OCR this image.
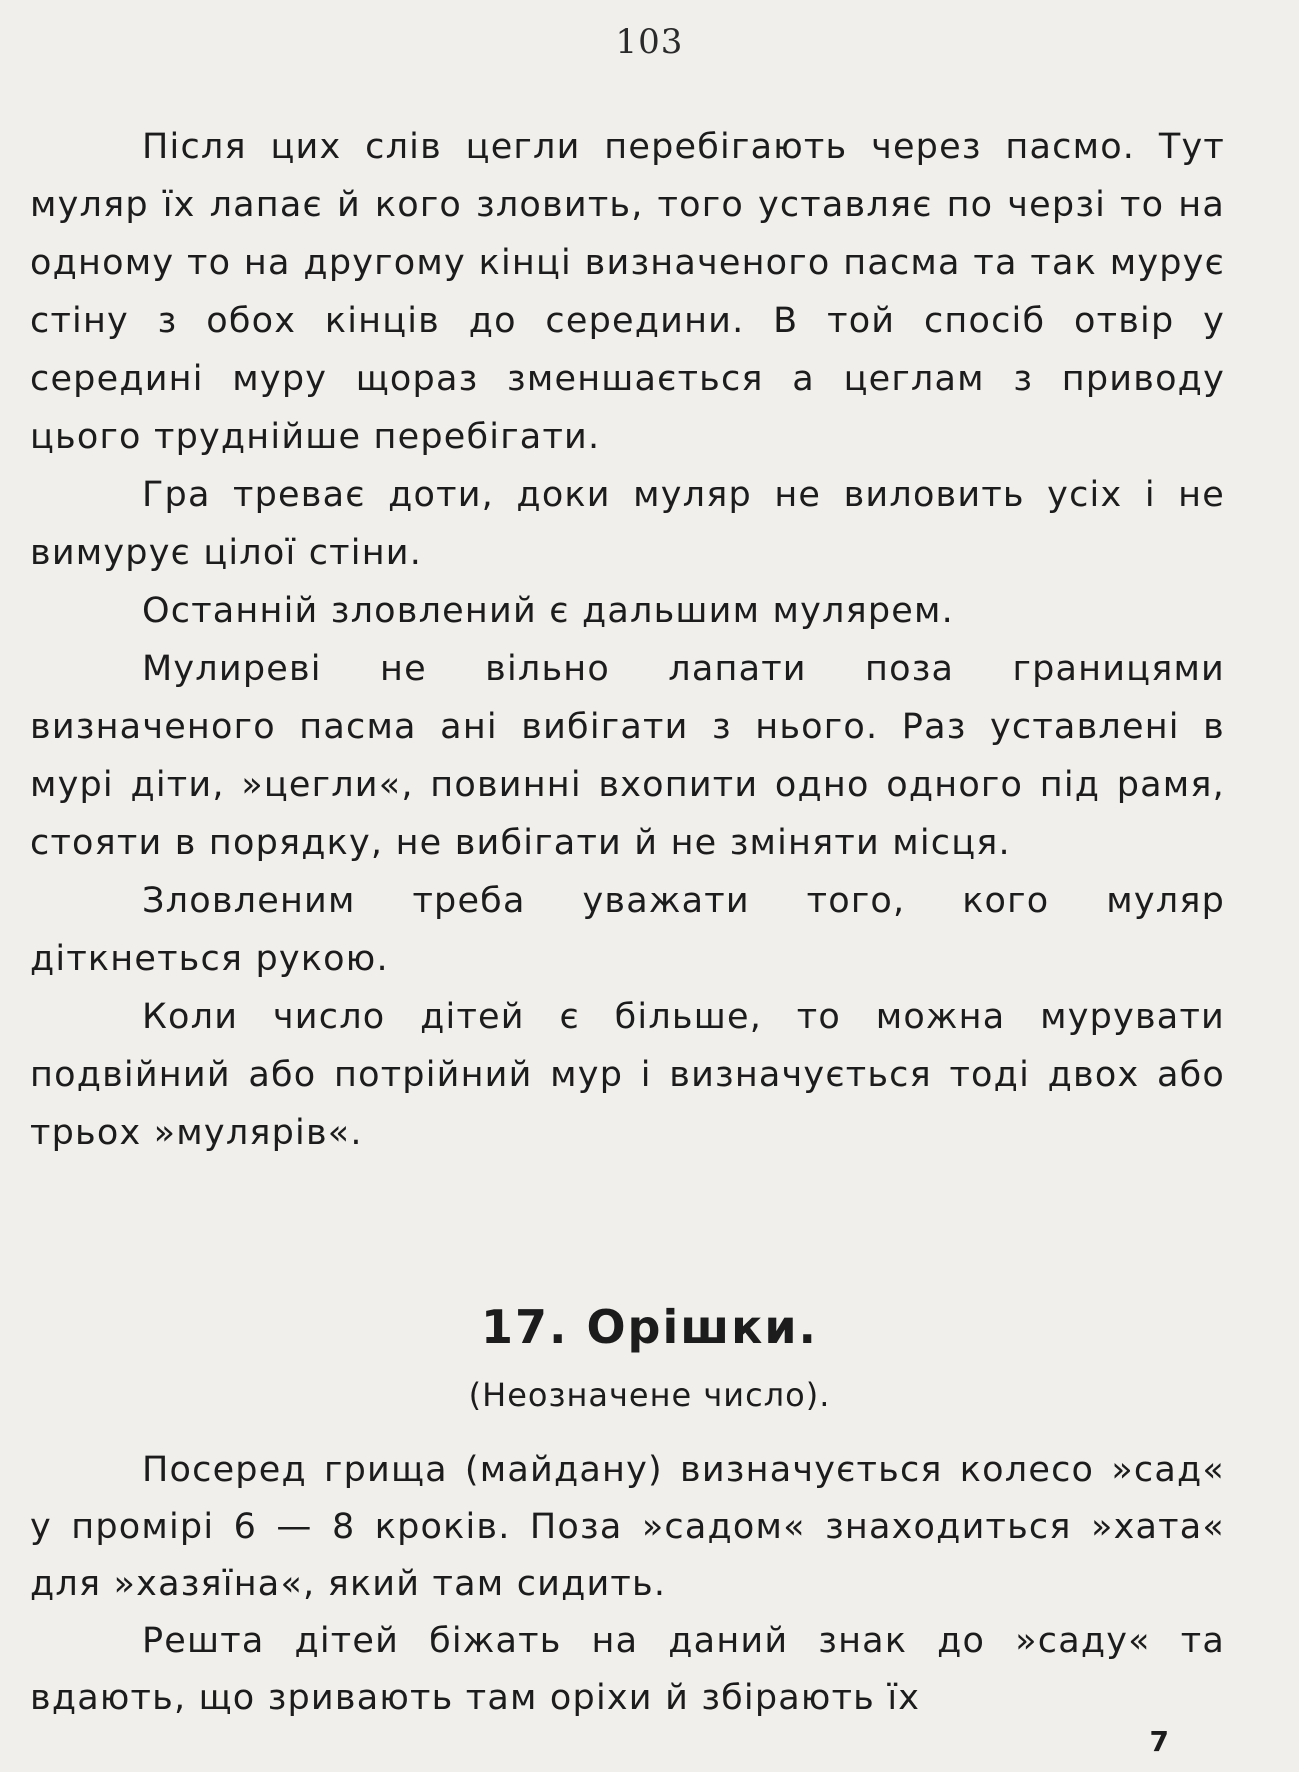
103

Після цих слів цегли перебігають через пасмо. Тут муляр їх лапає й кого зловить, того уставляє по черзі то на одному то на другому кінці визначеного пасма та так мурує стіну з обох кінців до середини. В той спосіб отвір у середині муру щораз зменшається а цеглам з приводу цього труднійше перебігати.

Гра треває доти, доки муляр не виловить усіх і не вимурує цілої стіни.

Останній зловлений є дальшим мулярем.

Мулиреві не вільно лапати поза границями визначеного пасма ані вибігати з нього. Раз уставлені в мурі діти, »цегли«, повинні вхопити одно одного під рамя, стояти в порядку, не вибігати й не зміняти місця.

Зловленим треба уважати того, кого муляр діткнеться рукою.

Коли число дітей є більше, то можна мурувати подвійний або потрійний мур і визначується тоді двох або трьох »мулярів«.

17. Орішки.
(Неозначене число).

Посеред грища (майдану) визначується колесо »сад« у промірі 6 — 8 кроків. Поза »садом« знаходиться »хата« для »хазяїна«, який там сидить.

Решта дітей біжать на даний знак до »саду« та вдають, що зривають там оріхи й збірають їх

7
